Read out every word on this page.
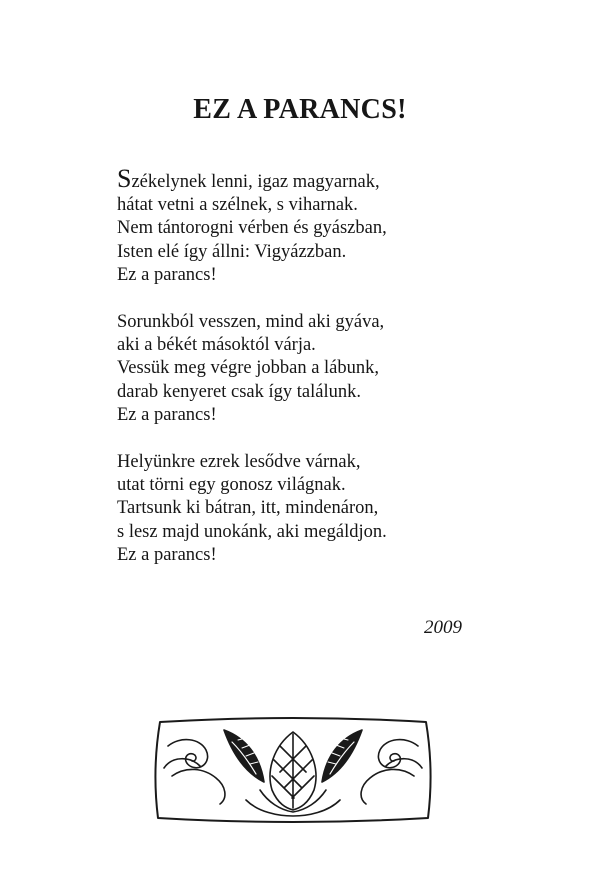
EZ A PARANCS!
Székelynek lenni, igaz magyarnak,
hátat vetni a szélnek, s viharnak.
Nem tántorogni vérben és gyászban,
Isten elé így állni: Vigyázzban.
Ez a parancs!
Sorunkból vesszen, mind aki gyáva,
aki a békét másoktól várja.
Vessük meg végre jobban a lábunk,
darab kenyeret csak így találunk.
Ez a parancs!
Helyünkre ezrek lesődve várnak,
utat törni egy gonosz világnak.
Tartsunk ki bátran, itt, mindenáron,
s lesz majd unokánk, aki megáldjon.
Ez a parancs!

2009
